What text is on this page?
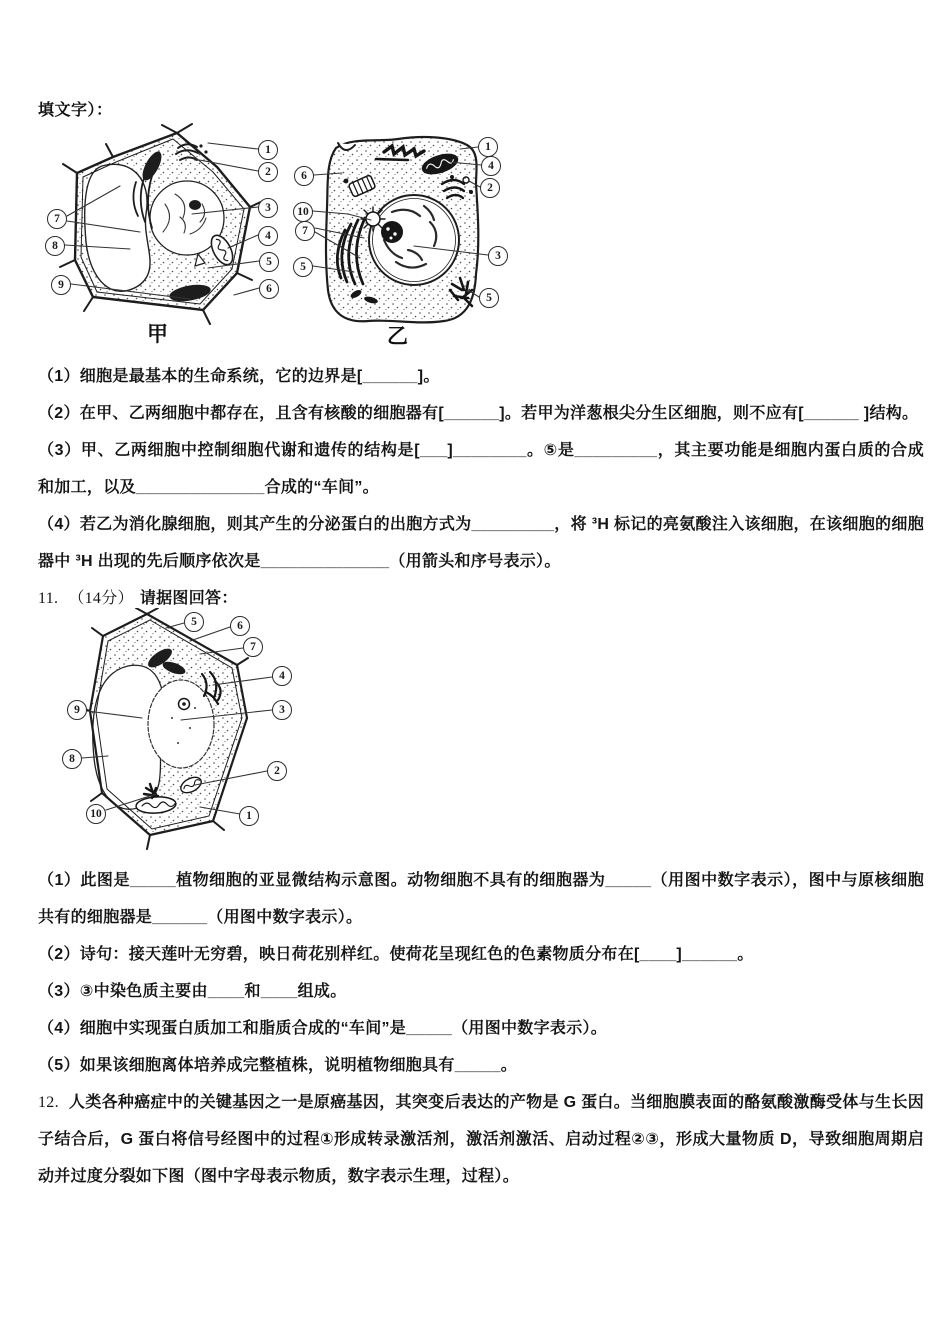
填文字）：
1
2
3
4
5
6
7
8
9
1
4
2
3
5
6
10
7
5
甲	乙

（1）细胞是最基本的生命系统，它的边界是[______]。

（2）在甲、乙两细胞中都存在，且含有核酸的细胞器有[______]。若甲为洋葱根尖分生区细胞，则不应有[______ ]结构。

（3）甲、乙两细胞中控制细胞代谢和遗传的结构是[___]________。⑤是_________，其主要功能是细胞内蛋白质的合成和加工，以及______________合成的“车间”。

（4）若乙为消化腺细胞，则其产生的分泌蛋白的出胞方式为_________，将 ³H 标记的亮氨酸注入该细胞，在该细胞的细胞器中 ³H 出现的先后顺序依次是______________（用箭头和序号表示）。

11. （14分） 请据图回答：

5	6
7
4
3
2
1
9
8
10

（1）此图是_____植物细胞的亚显微结构示意图。动物细胞不具有的细胞器为_____（用图中数字表示），图中与原核细胞共有的细胞器是______（用图中数字表示）。

（2）诗句：接天莲叶无穷碧，映日荷花别样红。使荷花呈现红色的色素物质分布在[____]______。

（3）③中染色质主要由____和____组成。

（4）细胞中实现蛋白质加工和脂质合成的“车间”是_____（用图中数字表示）。

（5）如果该细胞离体培养成完整植株，说明植物细胞具有_____。

12. 人类各种癌症中的关键基因之一是原癌基因，其突变后表达的产物是 G 蛋白。当细胞膜表面的酪氨酸激酶受体与生长因子结合后，G 蛋白将信号经图中的过程①形成转录激活剂，激活剂激活、启动过程②③，形成大量物质 D，导致细胞周期启动并过度分裂如下图（图中字母表示物质，数字表示生理，过程）。
